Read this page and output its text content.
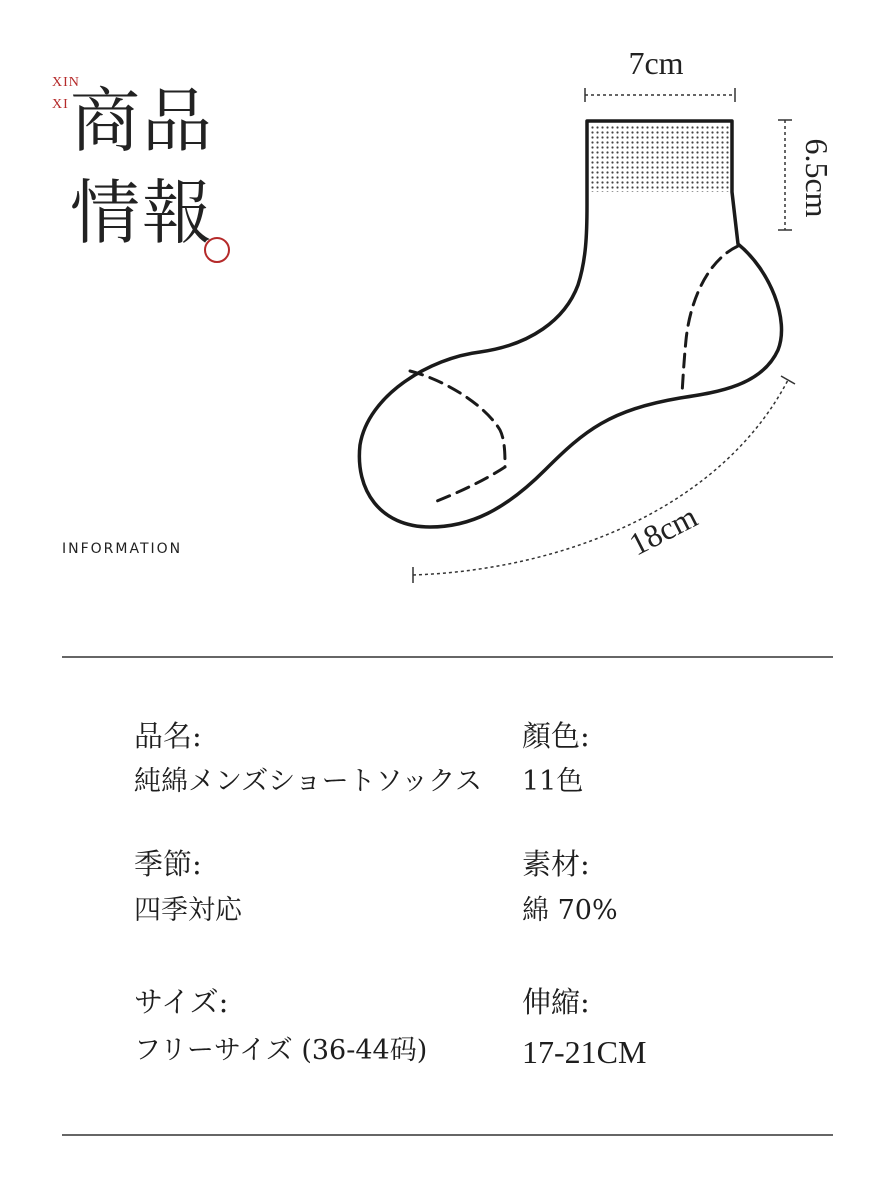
XIN
XI 商品
情報
INFORMATION
7cm
6.5cm
18cm
品名:
純綿メンズショートソックス
顏色:
11色
季節:
四季対応
素材:
綿 70%
サイズ:
フリーサイズ (36-44码)
伸縮:
17-21CM
